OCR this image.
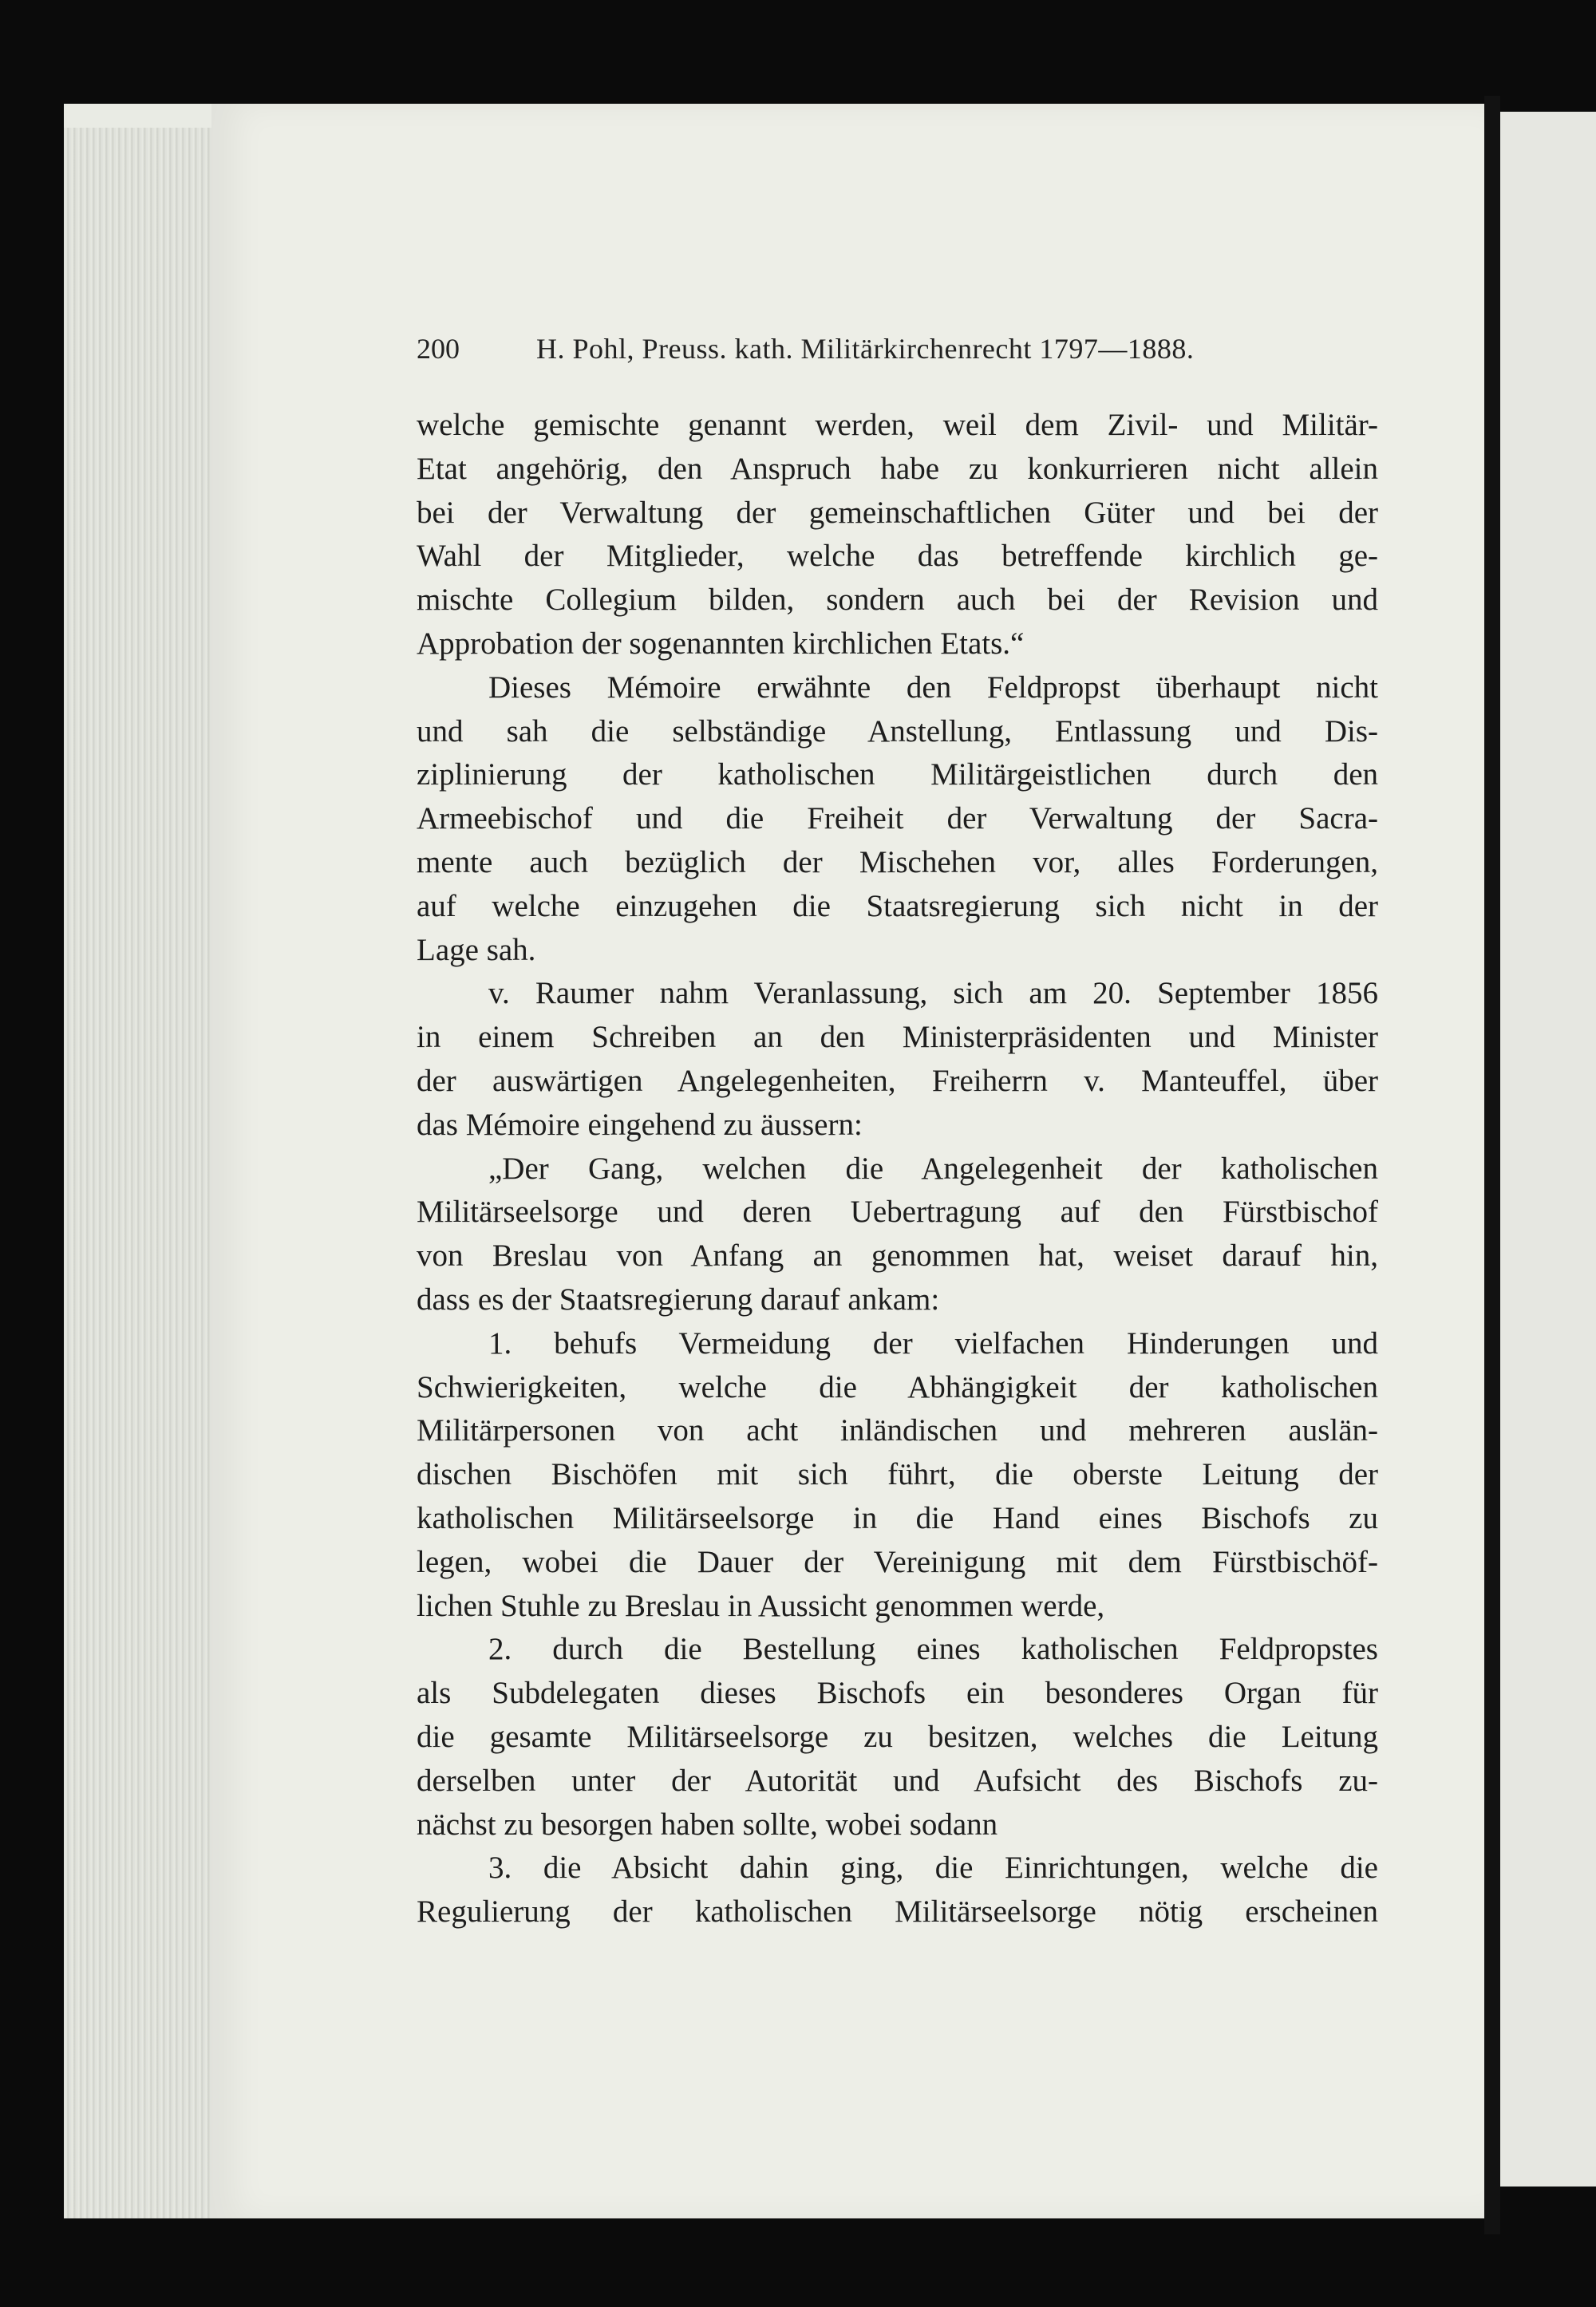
200	H. Pohl, Preuss. kath. Militärkirchenrecht 1797—1888.
welche gemischte genannt werden, weil dem Zivil- und Militär-
Etat angehörig, den Anspruch habe zu konkurrieren nicht allein
bei der Verwaltung der gemeinschaftlichen Güter und bei der
Wahl der Mitglieder, welche das betreffende kirchlich ge-
mischte Collegium bilden, sondern auch bei der Revision und
Approbation der sogenannten kirchlichen Etats.“
Dieses Mémoire erwähnte den Feldpropst überhaupt nicht
und sah die selbständige Anstellung, Entlassung und Dis-
ziplinierung der katholischen Militärgeistlichen durch den
Armeebischof und die Freiheit der Verwaltung der Sacra-
mente auch bezüglich der Mischehen vor, alles Forderungen,
auf welche einzugehen die Staatsregierung sich nicht in der
Lage sah.
v. Raumer nahm Veranlassung, sich am 20. September 1856
in einem Schreiben an den Ministerpräsidenten und Minister
der auswärtigen Angelegenheiten, Freiherrn v. Manteuffel, über
das Mémoire eingehend zu äussern:
„Der Gang, welchen die Angelegenheit der katholischen
Militärseelsorge und deren Uebertragung auf den Fürstbischof
von Breslau von Anfang an genommen hat, weiset darauf hin,
dass es der Staatsregierung darauf ankam:
1. behufs Vermeidung der vielfachen Hinderungen und
Schwierigkeiten, welche die Abhängigkeit der katholischen
Militärpersonen von acht inländischen und mehreren auslän-
dischen Bischöfen mit sich führt, die oberste Leitung der
katholischen Militärseelsorge in die Hand eines Bischofs zu
legen, wobei die Dauer der Vereinigung mit dem Fürstbischöf-
lichen Stuhle zu Breslau in Aussicht genommen werde,
2. durch die Bestellung eines katholischen Feldpropstes
als Subdelegaten dieses Bischofs ein besonderes Organ für
die gesamte Militärseelsorge zu besitzen, welches die Leitung
derselben unter der Autorität und Aufsicht des Bischofs zu-
nächst zu besorgen haben sollte, wobei sodann
3. die Absicht dahin ging, die Einrichtungen, welche die
Regulierung der katholischen Militärseelsorge nötig erscheinen
